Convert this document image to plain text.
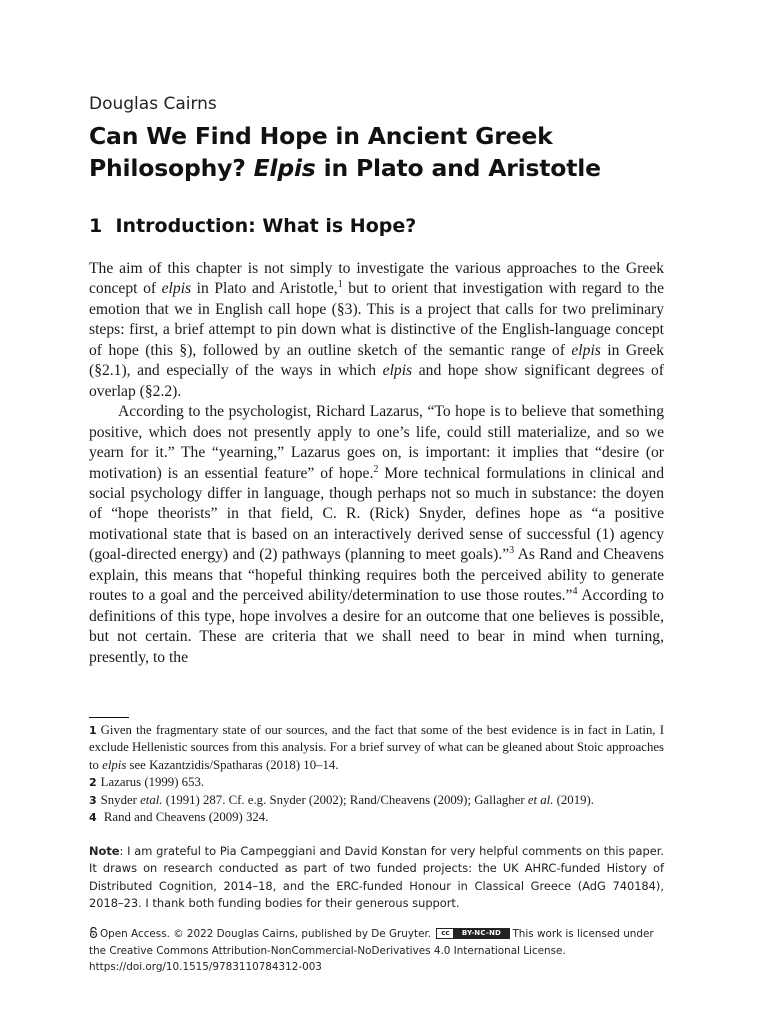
Douglas Cairns

Can We Find Hope in Ancient Greek
Philosophy? Elpis in Plato and Aristotle
1 Introduction: What is Hope?

The aim of this chapter is not simply to investigate the various approaches to the Greek concept of elpis in Plato and Aristotle,$^1$ but to orient that investigation with regard to the emotion that we in English call hope (§3). This is a project that calls for two preliminary steps: first, a brief attempt to pin down what is distinctive of the English-language concept of hope (this §), followed by an outline sketch of the semantic range of elpis in Greek (§2.1), and especially of the ways in which elpis and hope show significant degrees of overlap (§2.2).

According to the psychologist, Richard Lazarus, “To hope is to believe that something positive, which does not presently apply to one’s life, could still materialize, and so we yearn for it.” The “yearning,” Lazarus goes on, is important: it implies that “desire (or motivation) is an essential feature” of hope.$^2$ More technical formulations in clinical and social psychology differ in language, though perhaps not so much in substance: the doyen of “hope theorists” in that field, C. R. (Rick) Snyder, defines hope as “a positive motivational state that is based on an interactively derived sense of successful (1) agency (goal-directed energy) and (2) pathways (planning to meet goals).”$^3$ As Rand and Cheavens explain, this means that “hopeful thinking requires both the perceived ability to generate routes to a goal and the perceived ability/determination to use those routes.”$^4$ According to definitions of this type, hope involves a desire for an outcome that one believes is possible, but not certain. These are criteria that we shall need to bear in mind when turning, presently, to the

1 Given the fragmentary state of our sources, and the fact that some of the best evidence is in fact in Latin, I exclude Hellenistic sources from this analysis. For a brief survey of what can be gleaned about Stoic approaches to elpis see Kazantzidis/Spatharas (2018) 10–14.

2 Lazarus (1999) 653.

3 Snyder etal. (1991) 287. Cf. e.g. Snyder (2002); Rand/Cheavens (2009); Gallagher et al. (2019).

4 Rand and Cheavens (2009) 324.

Note: I am grateful to Pia Campeggiani and David Konstan for very helpful comments on this paper. It draws on research conducted as part of two funded projects: the UK AHRC-funded History of Distributed Cognition, 2014–18, and the ERC-funded Honour in Classical Greece (AdG 740184), 2018–23. I thank both funding bodies for their generous support.
Open Access. © 2022 Douglas Cairns, published by De Gruyter.	cc	BY-NC-ND	This work is licensed under
the Creative Commons Attribution-NonCommercial-NoDerivatives 4.0 International License.
https://doi.org/10.1515/9783110784312-003
